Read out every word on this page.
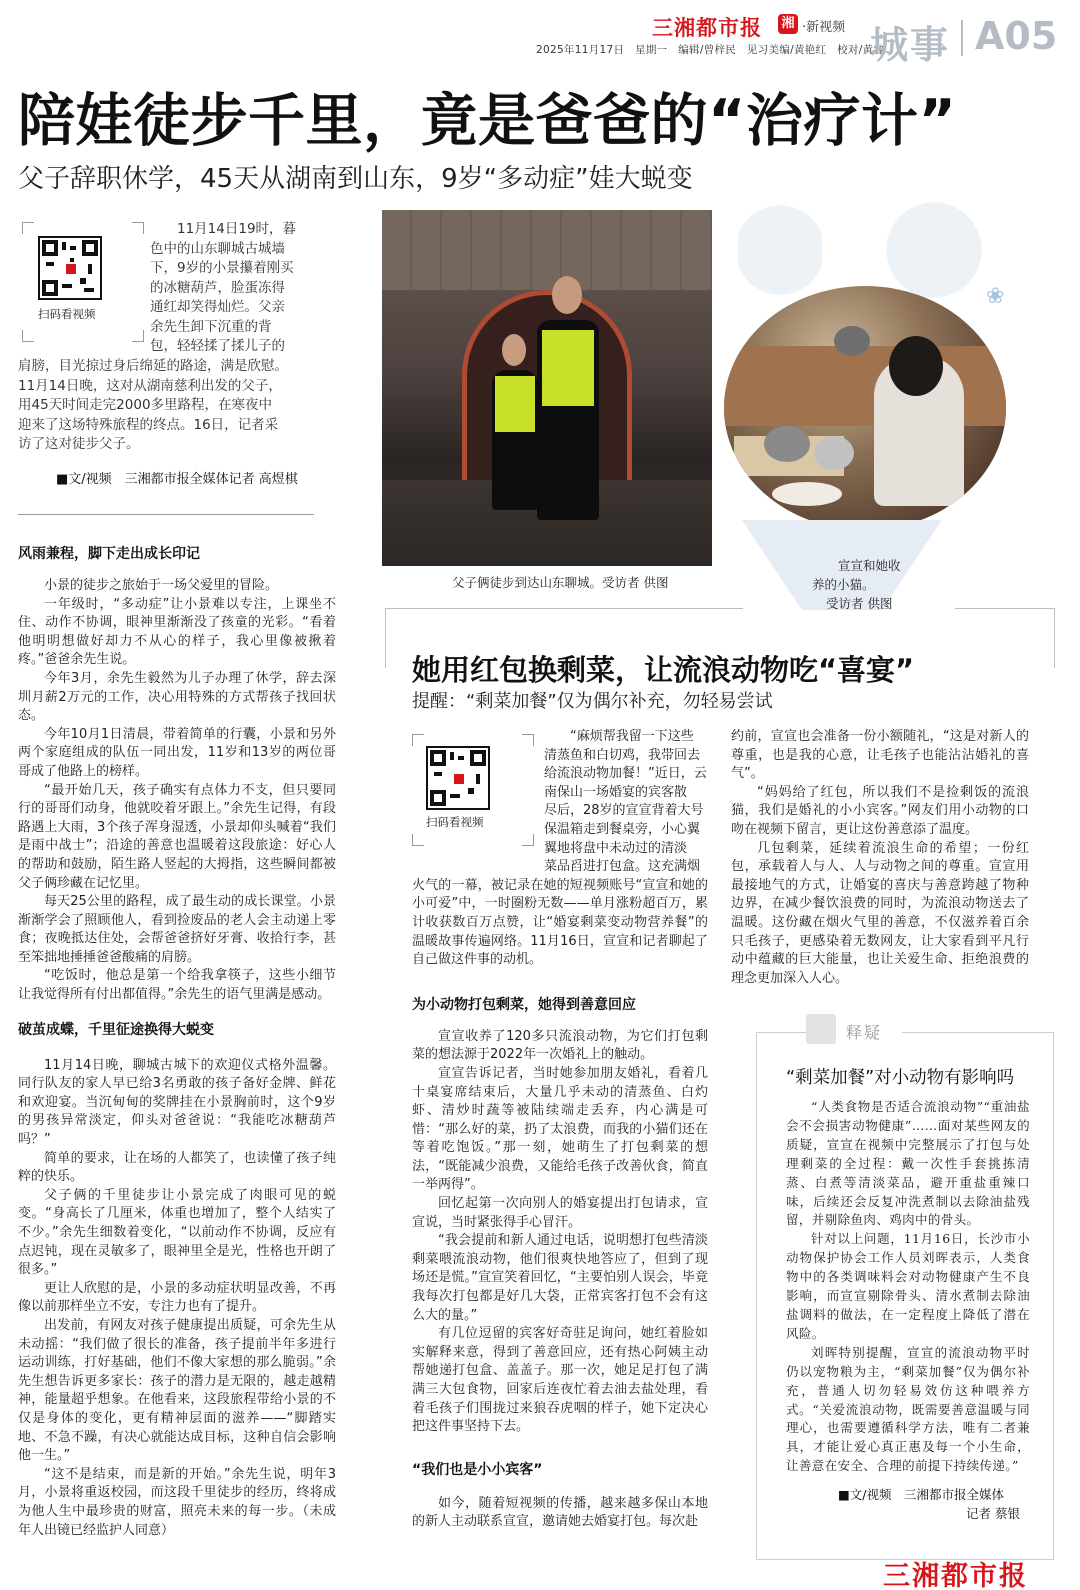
三湘都市报 湘 ·新视频
2025年11月17日　星期一　编辑/曾梓民　见习美编/黄艳红　校对/黄睿
城事 A05
陪娃徒步千里，竟是爸爸的“治疗计”
父子辞职休学，45天从湖南到山东，9岁“多动症”娃大蜕变
扫码看视频
11月14日19时，暮
色中的山东聊城古城墙
下，9岁的小景攥着刚买
的冰糖葫芦，脸蛋冻得
通红却笑得灿烂。父亲
余先生卸下沉重的背
包，轻轻揉了揉儿子的
肩膀，目光掠过身后绵延的路途，满是欣慰。
11月14日晚，这对从湖南慈利出发的父子，
用45天时间走完2000多里路程，在寒夜中
迎来了这场特殊旅程的终点。16日，记者采
访了这对徒步父子。
■文/视频　三湘都市报全媒体记者 高煜棋
风雨兼程，脚下走出成长印记

小景的徒步之旅始于一场父爱里的冒险。

一年级时，“多动症”让小景难以专注，上课坐不住、动作不协调，眼神里渐渐没了孩童的光彩。“看着他明明想做好却力不从心的样子，我心里像被揪着疼。”爸爸余先生说。

今年3月，余先生毅然为儿子办理了休学，辞去深圳月薪2万元的工作，决心用特殊的方式帮孩子找回状态。

今年10月1日清晨，带着简单的行囊，小景和另外两个家庭组成的队伍一同出发，11岁和13岁的两位哥哥成了他路上的榜样。

“最开始几天，孩子确实有点体力不支，但只要同行的哥哥们动身，他就咬着牙跟上。”余先生记得，有段路遇上大雨，3个孩子浑身湿透，小景却仰头喊着“我们是雨中战士”；沿途的善意也温暖着这段旅途：好心人的帮助和鼓励，陌生路人竖起的大拇指，这些瞬间都被父子俩珍藏在记忆里。

每天25公里的路程，成了最生动的成长课堂。小景渐渐学会了照顾他人，看到捡废品的老人会主动递上零食；夜晚抵达住处，会帮爸爸挤好牙膏、收拾行李，甚至笨拙地捶捶爸爸酸痛的肩膀。

“吃饭时，他总是第一个给我拿筷子，这些小细节让我觉得所有付出都值得。”余先生的语气里满是感动。

破茧成蝶，千里征途换得大蜕变

11月14日晚，聊城古城下的欢迎仪式格外温馨。同行队友的家人早已给3名勇敢的孩子备好金牌、鲜花和欢迎宴。当沉甸甸的奖牌挂在小景胸前时，这个9岁的男孩异常淡定，仰头对爸爸说：“我能吃冰糖葫芦吗？”

简单的要求，让在场的人都笑了，也读懂了孩子纯粹的快乐。

父子俩的千里徒步让小景完成了肉眼可见的蜕变。“身高长了几厘米，体重也增加了，整个人结实了不少。”余先生细数着变化，“以前动作不协调，反应有点迟钝，现在灵敏多了，眼神里全是光，性格也开朗了很多。”

更让人欣慰的是，小景的多动症状明显改善，不再像以前那样坐立不安，专注力也有了提升。

出发前，有网友对孩子健康提出质疑，可余先生从未动摇：“我们做了很长的准备，孩子提前半年多进行运动训练，打好基础，他们不像大家想的那么脆弱。”余先生想告诉更多家长：孩子的潜力是无限的，越走越精神，能量超乎想象。在他看来，这段旅程带给小景的不仅是身体的变化，更有精神层面的滋养——“脚踏实地、不急不躁，有决心就能达成目标，这种自信会影响他一生。”

“这不是结束，而是新的开始。”余先生说，明年3月，小景将重返校园，而这段千里徒步的经历，终将成为他人生中最珍贵的财富，照亮未来的每一步。（未成年人出镜已经监护人同意）

父子俩徒步到达山东聊城。受访者 供图
❀
宣宣和她收
养的小猫。
受访者 供图
她用红包换剩菜，让流浪动物吃“喜宴”
提醒：“剩菜加餐”仅为偶尔补充，勿轻易尝试
扫码看视频
“麻烦帮我留一下这些
清蒸鱼和白切鸡，我带回去
给流浪动物加餐！”近日，云
南保山一场婚宴的宾客散
尽后，28岁的宣宣背着大号
保温箱走到餐桌旁，小心翼
翼地将盘中未动过的清淡
菜品舀进打包盒。这充满烟

火气的一幕，被记录在她的短视频账号“宣宣和她的小可爱”中，一时圈粉无数——单月涨粉超百万，累计收获数百万点赞，让“婚宴剩菜变动物营养餐”的温暖故事传遍网络。11月16日，宣宣和记者聊起了自己做这件事的动机。

为小动物打包剩菜，她得到善意回应

宣宣收养了120多只流浪动物，为它们打包剩菜的想法源于2022年一次婚礼上的触动。

宣宣告诉记者，当时她参加朋友婚礼，看着几十桌宴席结束后，大量几乎未动的清蒸鱼、白灼虾、清炒时蔬等被陆续端走丢弃，内心满是可惜：“那么好的菜，扔了太浪费，而我的小猫们还在等着吃饱饭。”那一刻，她萌生了打包剩菜的想法，“既能减少浪费，又能给毛孩子改善伙食，简直一举两得”。

回忆起第一次向别人的婚宴提出打包请求，宣宣说，当时紧张得手心冒汗。

“我会提前和新人通过电话，说明想打包些清淡剩菜喂流浪动物，他们很爽快地答应了，但到了现场还是慌。”宣宣笑着回忆，“主要怕别人误会，毕竟我每次打包都是好几大袋，正常宾客打包不会有这么大的量。”

有几位逗留的宾客好奇驻足询问，她红着脸如实解释来意，得到了善意回应，还有热心阿姨主动帮她递打包盒、盖盖子。那一次，她足足打包了满满三大包食物，回家后连夜忙着去油去盐处理，看着毛孩子们围拢过来狼吞虎咽的样子，她下定决心把这件事坚持下去。

“我们也是小小宾客”

如今，随着短视频的传播，越来越多保山本地的新人主动联系宣宣，邀请她去婚宴打包。每次赴

约前，宣宣也会准备一份小额随礼，“这是对新人的尊重，也是我的心意，让毛孩子也能沾沾婚礼的喜气”。

“妈妈给了红包，所以我们不是捡剩饭的流浪猫，我们是婚礼的小小宾客。”网友们用小动物的口吻在视频下留言，更让这份善意添了温度。

几包剩菜，延续着流浪生命的希望；一份红包，承载着人与人、人与动物之间的尊重。宣宣用最接地气的方式，让婚宴的喜庆与善意跨越了物种边界，在减少餐饮浪费的同时，为流浪动物送去了温暖。这份藏在烟火气里的善意，不仅滋养着百余只毛孩子，更感染着无数网友，让大家看到平凡行动中蕴藏的巨大能量，也让关爱生命、拒绝浪费的理念更加深入人心。

释疑
“剩菜加餐”对小动物有影响吗

“人类食物是否适合流浪动物”“重油盐会不会损害动物健康”……面对某些网友的质疑，宣宣在视频中完整展示了打包与处理剩菜的全过程：戴一次性手套挑拣清蒸、白煮等清淡菜品，避开重盐重辣口味，后续还会反复冲洗煮制以去除油盐残留，并剔除鱼肉、鸡肉中的骨头。

针对以上问题，11月16日，长沙市小动物保护协会工作人员刘晖表示，人类食物中的各类调味料会对动物健康产生不良影响，而宣宣剔除骨头、清水煮制去除油盐调料的做法，在一定程度上降低了潜在风险。

刘晖特别提醒，宣宣的流浪动物平时仍以宠物粮为主，“剩菜加餐”仅为偶尔补充，普通人切勿轻易效仿这种喂养方式。“关爱流浪动物，既需要善意温暖与同理心，也需要遵循科学方法，唯有二者兼具，才能让爱心真正惠及每一个小生命，让善意在安全、合理的前提下持续传递。”

■文/视频　三湘都市报全媒体
记者 蔡银
三湘都市报
